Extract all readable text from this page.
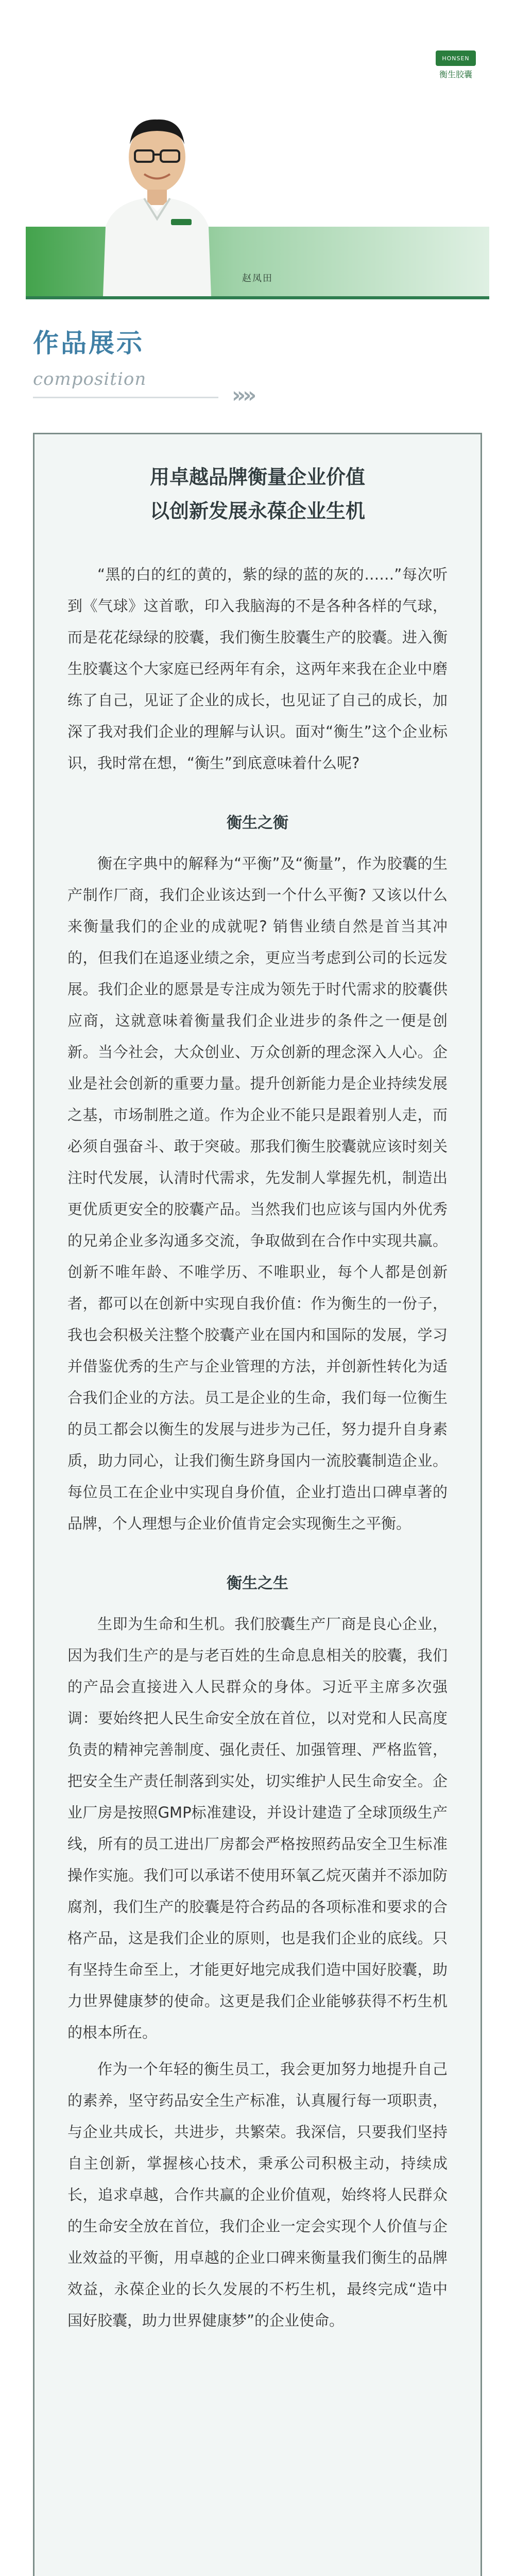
HONSEN
衡生胶囊
赵凤田
作品展示
composition
»»
用卓越品牌衡量企业价值
以创新发展永葆企业生机

“黑的白的红的黄的，紫的绿的蓝的灰的……”每次听到《气球》这首歌，印入我脑海的不是各种各样的气球，而是花花绿绿的胶囊，我们衡生胶囊生产的胶囊。进入衡生胶囊这个大家庭已经两年有余，这两年来我在企业中磨练了自己，见证了企业的成长，也见证了自己的成长，加深了我对我们企业的理解与认识。面对“衡生”这个企业标识，我时常在想，“衡生”到底意味着什么呢?

衡生之衡

衡在字典中的解释为“平衡”及“衡量”，作为胶囊的生产制作厂商，我们企业该达到一个什么平衡? 又该以什么来衡量我们的企业的成就呢? 销售业绩自然是首当其冲的，但我们在追逐业绩之余，更应当考虑到公司的长远发展。我们企业的愿景是专注成为领先于时代需求的胶囊供应商，这就意味着衡量我们企业进步的条件之一便是创新。当今社会，大众创业、万众创新的理念深入人心。企业是社会创新的重要力量。提升创新能力是企业持续发展之基，市场制胜之道。作为企业不能只是跟着别人走，而必须自强奋斗、敢于突破。那我们衡生胶囊就应该时刻关注时代发展，认清时代需求，先发制人掌握先机，制造出更优质更安全的胶囊产品。当然我们也应该与国内外优秀的兄弟企业多沟通多交流，争取做到在合作中实现共赢。创新不唯年龄、不唯学历、不唯职业，每个人都是创新者，都可以在创新中实现自我价值：作为衡生的一份子，我也会积极关注整个胶囊产业在国内和国际的发展，学习并借鉴优秀的生产与企业管理的方法，并创新性转化为适合我们企业的方法。员工是企业的生命，我们每一位衡生的员工都会以衡生的发展与进步为己任，努力提升自身素质，助力同心，让我们衡生跻身国内一流胶囊制造企业。每位员工在企业中实现自身价值，企业打造出口碑卓著的品牌，个人理想与企业价值肯定会实现衡生之平衡。

衡生之生

生即为生命和生机。我们胶囊生产厂商是良心企业，因为我们生产的是与老百姓的生命息息相关的胶囊，我们的产品会直接进入人民群众的身体。习近平主席多次强调：要始终把人民生命安全放在首位，以对党和人民高度负责的精神完善制度、强化责任、加强管理、严格监管，把安全生产责任制落到实处，切实维护人民生命安全。企业厂房是按照GMP标准建设，并设计建造了全球顶级生产线，所有的员工进出厂房都会严格按照药品安全卫生标准操作实施。我们可以承诺不使用环氧乙烷灭菌并不添加防腐剂，我们生产的胶囊是符合药品的各项标准和要求的合格产品，这是我们企业的原则，也是我们企业的底线。只有坚持生命至上，才能更好地完成我们造中国好胶囊，助力世界健康梦的使命。这更是我们企业能够获得不朽生机的根本所在。

作为一个年轻的衡生员工，我会更加努力地提升自己的素养，坚守药品安全生产标准，认真履行每一项职责，与企业共成长，共进步，共繁荣。我深信，只要我们坚持自主创新，掌握核心技术，秉承公司积极主动，持续成长，追求卓越，合作共赢的企业价值观，始终将人民群众的生命安全放在首位，我们企业一定会实现个人价值与企业效益的平衡，用卓越的企业口碑来衡量我们衡生的品牌效益，永葆企业的长久发展的不朽生机，最终完成“造中国好胶囊，助力世界健康梦”的企业使命。
